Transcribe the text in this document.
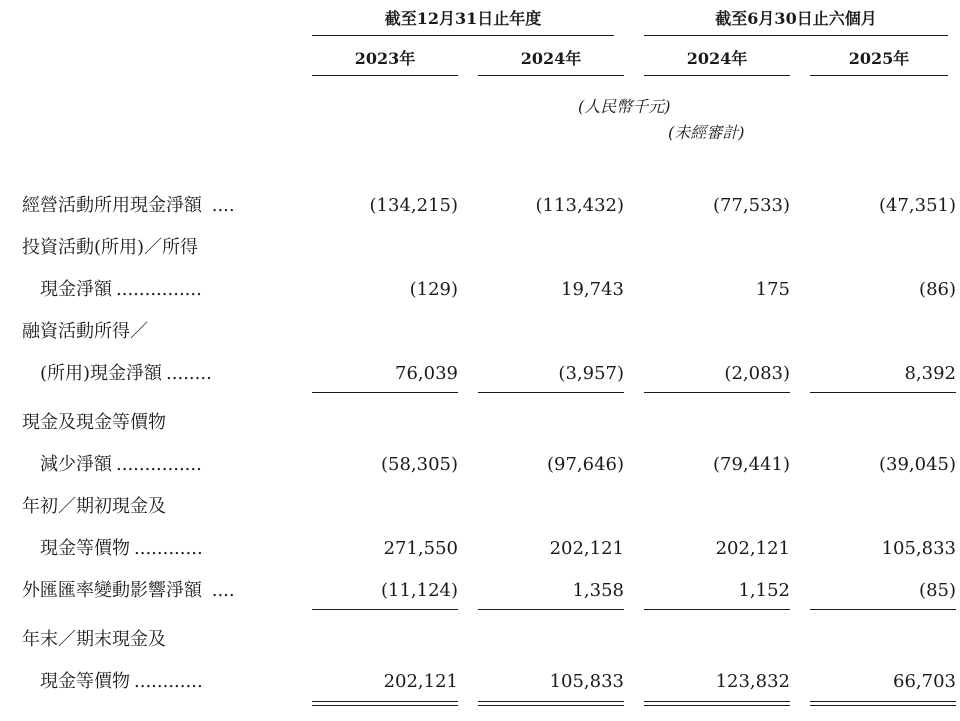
截至12月31日止年度	截至6月30日止六個月
2023年	2024年	2024年	2025年
(人民幣千元)
(未經審計)
經營活動所用現金淨額 ....	(134,215)	(113,432)	(77,533)	(47,351)
投資活動(所用)／所得
現金淨額 ...............	(129)	19,743	175	(86)
融資活動所得／
(所用)現金淨額 ........	76,039	(3,957)	(2,083)	8,392
現金及現金等價物
減少淨額 ...............	(58,305)	(97,646)	(79,441)	(39,045)
年初／期初現金及
現金等價物 ............	271,550	202,121	202,121	105,833
外匯匯率變動影響淨額 ....	(11,124)	1,358	1,152	(85)
年末／期末現金及
現金等價物 ............	202,121	105,833	123,832	66,703
